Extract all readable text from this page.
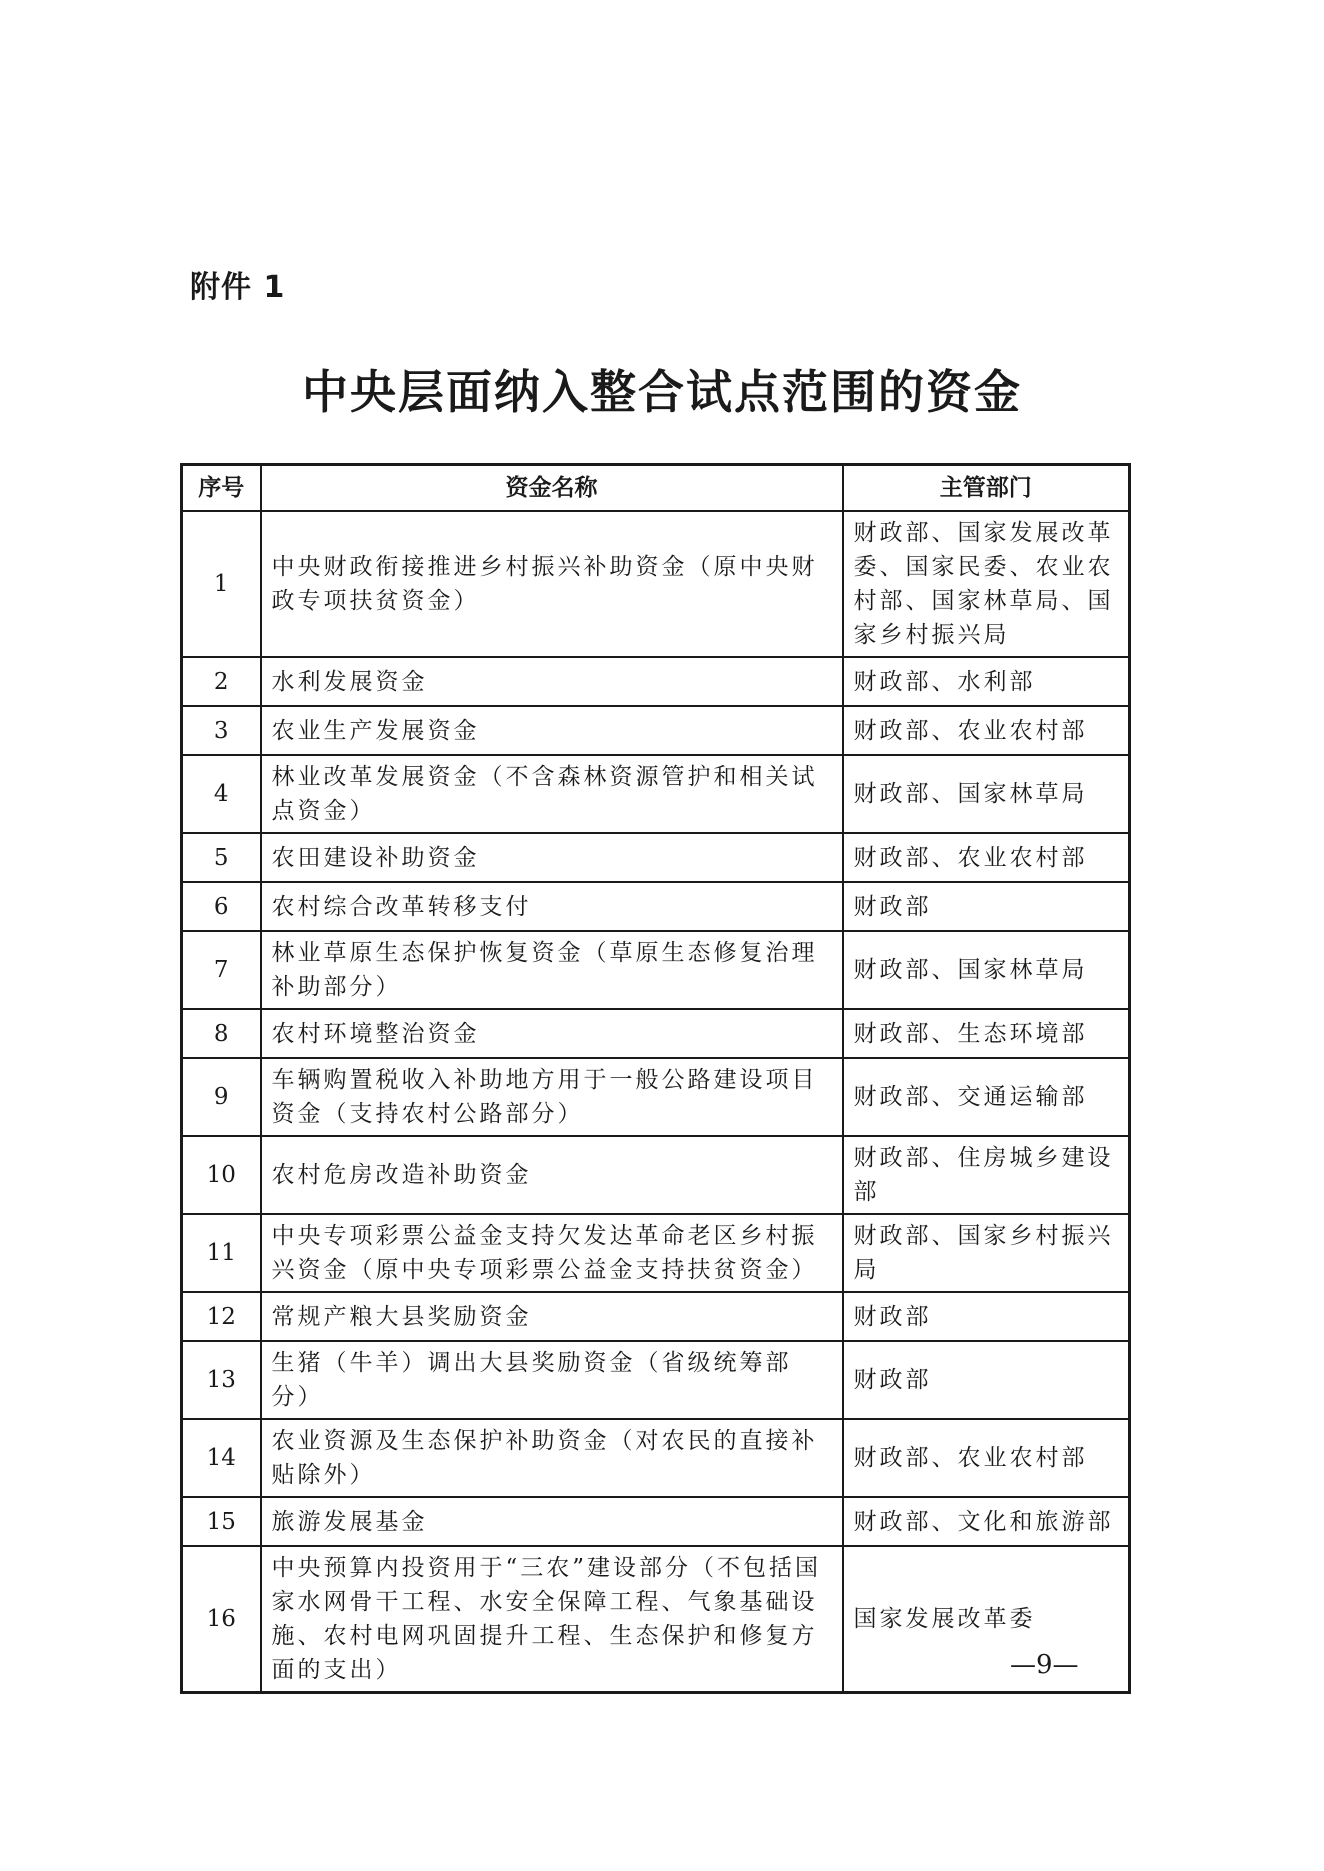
附件 1
中央层面纳入整合试点范围的资金
序号	资金名称	主管部门
1	中央财政衔接推进乡村振兴补助资金（原中央财政专项扶贫资金）	财政部、国家发展改革委、国家民委、农业农村部、国家林草局、国家乡村振兴局
2	水利发展资金	财政部、水利部
3	农业生产发展资金	财政部、农业农村部
4	林业改革发展资金（不含森林资源管护和相关试点资金）	财政部、国家林草局
5	农田建设补助资金	财政部、农业农村部
6	农村综合改革转移支付	财政部
7	林业草原生态保护恢复资金（草原生态修复治理补助部分）	财政部、国家林草局
8	农村环境整治资金	财政部、生态环境部
9	车辆购置税收入补助地方用于一般公路建设项目资金（支持农村公路部分）	财政部、交通运输部
10	农村危房改造补助资金	财政部、住房城乡建设部
11	中央专项彩票公益金支持欠发达革命老区乡村振兴资金（原中央专项彩票公益金支持扶贫资金）	财政部、国家乡村振兴局
12	常规产粮大县奖励资金	财政部
13	生猪（牛羊）调出大县奖励资金（省级统筹部分）	财政部
14	农业资源及生态保护补助资金（对农民的直接补贴除外）	财政部、农业农村部
15	旅游发展基金	财政部、文化和旅游部
16	中央预算内投资用于“三农”建设部分（不包括国家水网骨干工程、水安全保障工程、气象基础设施、农村电网巩固提升工程、生态保护和修复方面的支出）	国家发展改革委
—9—
